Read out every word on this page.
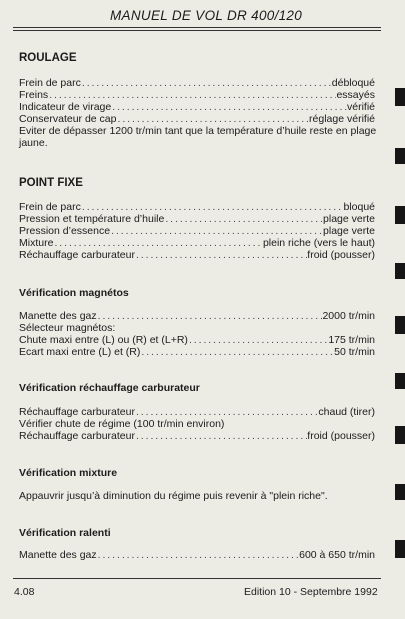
MANUEL DE VOL DR 400/120
ROULAGE
Frein de parc . . .	débloqué
Freins . . .	essayés
Indicateur de virage . . .	vérifié
Conservateur de cap . . .	réglage vérifié
Eviter de dépasser 1200 tr/min tant que la température d’huile reste en plage
jaune.
POINT FIXE
Frein de parc . . .	bloqué
Pression et température d’huile . . .	plage verte
Pression d’essence . . .	plage verte
Mixture . . .	plein riche (vers le haut)
Réchauffage carburateur . . .	froid (pousser)
Vérification magnétos
Manette des gaz . . .	2000 tr/min
Sélecteur magnétos:
Chute maxi entre (L) ou (R) et (L+R) . . .	175 tr/min
Ecart maxi entre (L) et (R) . . .	50 tr/min
Vérification réchauffage carburateur
Réchauffage carburateur . . .	chaud (tirer)
Vérifier chute de régime (100 tr/min environ)
Réchauffage carburateur . . .	froid (pousser)
Vérification mixture
Appauvrir jusqu’à diminution du régime puis revenir à "plein riche".
Vérification ralenti
Manette des gaz . . .	600 à 650 tr/min
4.08	Edition 10 - Septembre 1992
